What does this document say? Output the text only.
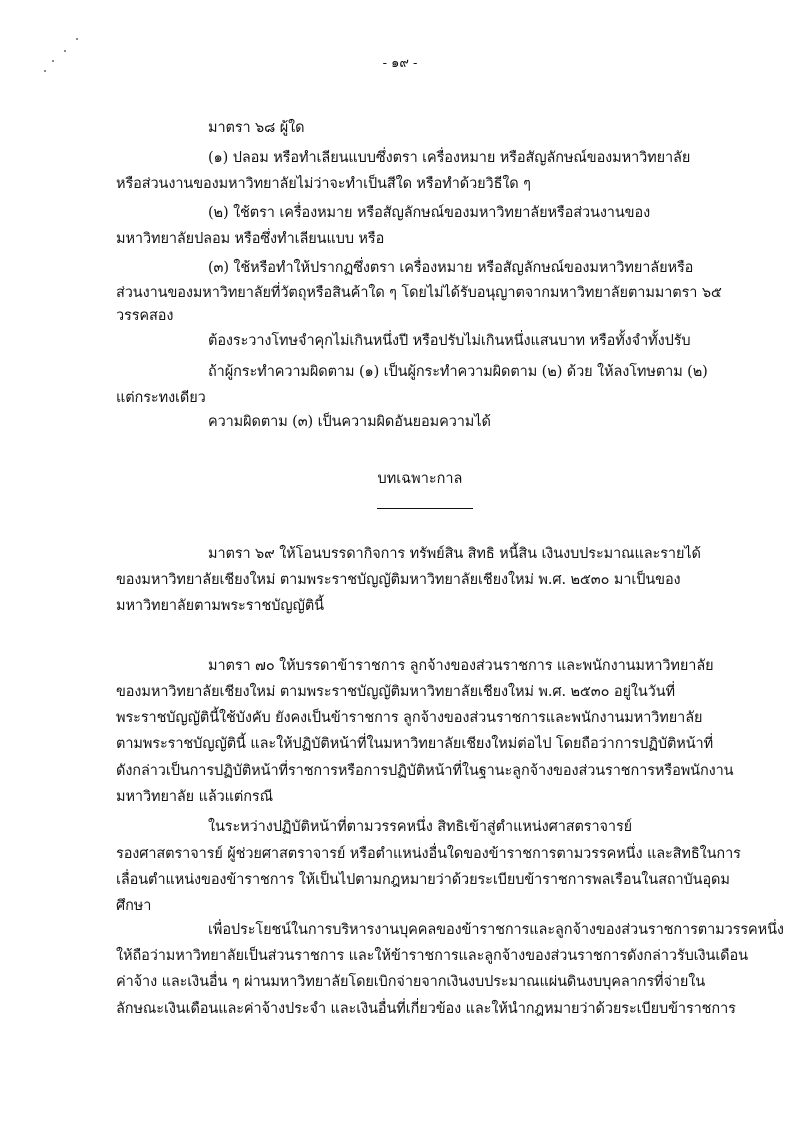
- ๑๙ -
มาตรา ๖๘ ผู้ใด
(๑) ปลอม หรือทำเลียนแบบซึ่งตรา เครื่องหมาย หรือสัญลักษณ์ของมหาวิทยาลัย
หรือส่วนงานของมหาวิทยาลัยไม่ว่าจะทำเป็นสีใด หรือทำด้วยวิธีใด ๆ
(๒) ใช้ตรา เครื่องหมาย หรือสัญลักษณ์ของมหาวิทยาลัยหรือส่วนงานของ
มหาวิทยาลัยปลอม หรือซึ่งทำเลียนแบบ หรือ
(๓) ใช้หรือทำให้ปรากฏซึ่งตรา เครื่องหมาย หรือสัญลักษณ์ของมหาวิทยาลัยหรือ
ส่วนงานของมหาวิทยาลัยที่วัตถุหรือสินค้าใด ๆ โดยไม่ได้รับอนุญาตจากมหาวิทยาลัยตามมาตรา ๖๕
วรรคสอง
ต้องระวางโทษจำคุกไม่เกินหนึ่งปี หรือปรับไม่เกินหนึ่งแสนบาท หรือทั้งจำทั้งปรับ
ถ้าผู้กระทำความผิดตาม (๑) เป็นผู้กระทำความผิดตาม (๒) ด้วย ให้ลงโทษตาม (๒)
แต่กระทงเดียว
ความผิดตาม (๓) เป็นความผิดอันยอมความได้
บทเฉพาะกาล
มาตรา ๖๙ ให้โอนบรรดากิจการ ทรัพย์สิน สิทธิ หนี้สิน เงินงบประมาณและรายได้
ของมหาวิทยาลัยเชียงใหม่ ตามพระราชบัญญัติมหาวิทยาลัยเชียงใหม่ พ.ศ. ๒๕๓๐ มาเป็นของ
มหาวิทยาลัยตามพระราชบัญญัตินี้
มาตรา ๗๐ ให้บรรดาข้าราชการ ลูกจ้างของส่วนราชการ และพนักงานมหาวิทยาลัย
ของมหาวิทยาลัยเชียงใหม่ ตามพระราชบัญญัติมหาวิทยาลัยเชียงใหม่ พ.ศ. ๒๕๓๐ อยู่ในวันที่
พระราชบัญญัตินี้ใช้บังคับ ยังคงเป็นข้าราชการ ลูกจ้างของส่วนราชการและพนักงานมหาวิทยาลัย
ตามพระราชบัญญัตินี้ และให้ปฏิบัติหน้าที่ในมหาวิทยาลัยเชียงใหม่ต่อไป โดยถือว่าการปฏิบัติหน้าที่
ดังกล่าวเป็นการปฏิบัติหน้าที่ราชการหรือการปฏิบัติหน้าที่ในฐานะลูกจ้างของส่วนราชการหรือพนักงาน
มหาวิทยาลัย แล้วแต่กรณี
ในระหว่างปฏิบัติหน้าที่ตามวรรคหนึ่ง สิทธิเข้าสู่ตำแหน่งศาสตราจารย์
รองศาสตราจารย์ ผู้ช่วยศาสตราจารย์ หรือตำแหน่งอื่นใดของข้าราชการตามวรรคหนึ่ง และสิทธิในการ
เลื่อนตำแหน่งของข้าราชการ ให้เป็นไปตามกฎหมายว่าด้วยระเบียบข้าราชการพลเรือนในสถาบันอุดม
ศึกษา
เพื่อประโยชน์ในการบริหารงานบุคคลของข้าราชการและลูกจ้างของส่วนราชการตามวรรคหนึ่ง
ให้ถือว่ามหาวิทยาลัยเป็นส่วนราชการ และให้ข้าราชการและลูกจ้างของส่วนราชการดังกล่าวรับเงินเดือน
ค่าจ้าง และเงินอื่น ๆ ผ่านมหาวิทยาลัยโดยเบิกจ่ายจากเงินงบประมาณแผ่นดินงบบุคลากรที่จ่ายใน
ลักษณะเงินเดือนและค่าจ้างประจำ และเงินอื่นที่เกี่ยวข้อง และให้นำกฎหมายว่าด้วยระเบียบข้าราชการ
